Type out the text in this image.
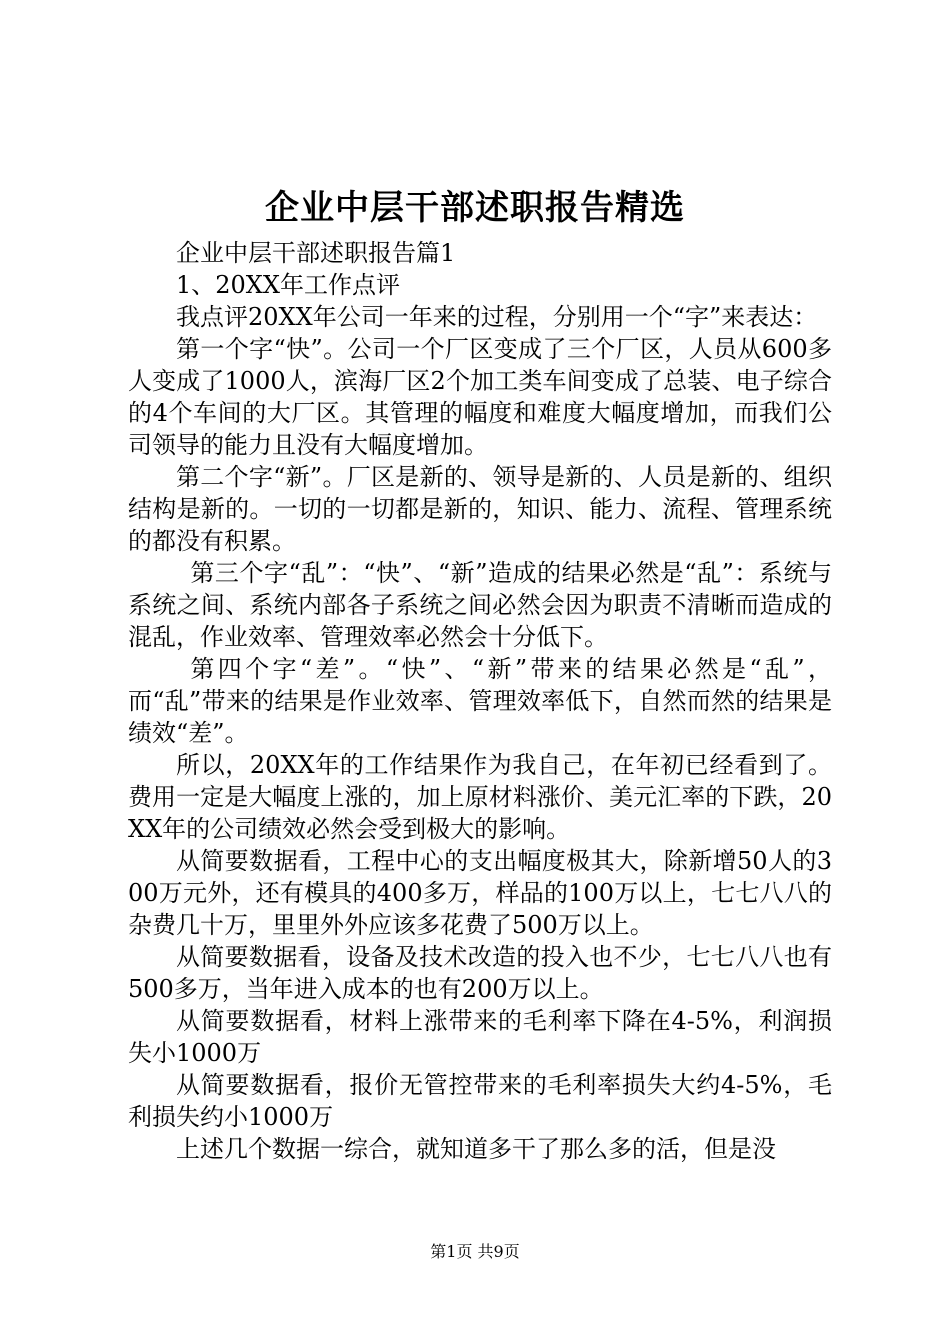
企业中层干部述职报告精选

企业中层干部述职报告篇1

1、20XX年工作点评

我点评20XX年公司一年来的过程，分别用一个“字”来表达：

第一个字“快”。公司一个厂区变成了三个厂区，人员从600多人变成了1000人，滨海厂区2个加工类车间变成了总装、电子综合的4个车间的大厂区。其管理的幅度和难度大幅度增加，而我们公司领导的能力且没有大幅度增加。

第二个字“新”。厂区是新的、领导是新的、人员是新的、组织结构是新的。一切的一切都是新的，知识、能力、流程、管理系统的都没有积累。

第三个字“乱”：“快”、“新”造成的结果必然是“乱”：系统与系统之间、系统内部各子系统之间必然会因为职责不清晰而造成的混乱，作业效率、管理效率必然会十分低下。

第四个字“差”。“快”、“新”带来的结果必然是“乱”，而“乱”带来的结果是作业效率、管理效率低下，自然而然的结果是绩效“差”。

所以，20XX年的工作结果作为我自己，在年初已经看到了。费用一定是大幅度上涨的，加上原材料涨价、美元汇率的下跌，20XX年的公司绩效必然会受到极大的影响。

从简要数据看，工程中心的支出幅度极其大，除新增50人的300万元外，还有模具的400多万，样品的100万以上，七七八八的杂费几十万，里里外外应该多花费了500万以上。

从简要数据看，设备及技术改造的投入也不少，七七八八也有500多万，当年进入成本的也有200万以上。

从简要数据看，材料上涨带来的毛利率下降在4-5%，利润损失小1000万

从简要数据看，报价无管控带来的毛利率损失大约4-5%，毛利损失约小1000万

上述几个数据一综合，就知道多干了那么多的活，但是没

第1页 共9页
